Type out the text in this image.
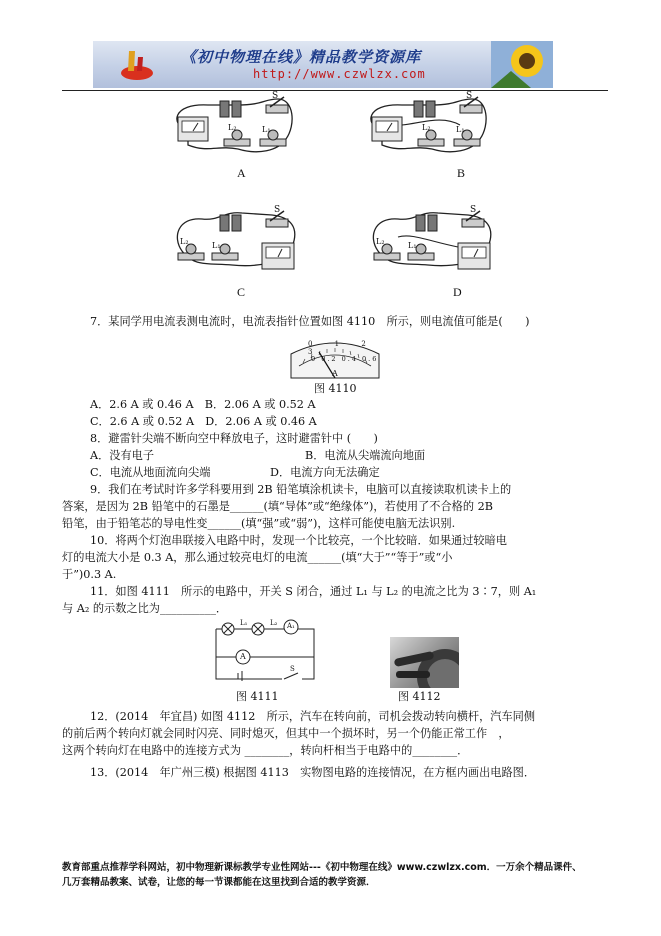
《初中物理在线》精品教学资源库
http://www.czwlzx.com
S
L₂	L₁
A
S
L₂	L₁
B
S
L₂	L₁
C
S
L₂	L₁
D
7．某同学用电流表测电流时，电流表指针位置如图 4110　所示，则电流值可能是(　　)
0 1 2 3
0 0.2 0.4 0.6
A
图 4110
A．2.6 A 或 0.46 A　B．2.06 A 或 0.52 A
C．2.6 A 或 0.52 A　D．2.06 A 或 0.46 A
8．避雷针尖端不断向空中释放电子，这时避雷针中 (　　)
A．没有电子	B．电流从尖端流向地面
C．电流从地面流向尖端	D．电流方向无法确定
9．我们在考试时许多学科要用到 2B 铅笔填涂机读卡，电脑可以直接读取机读卡上的
答案，是因为 2B 铅笔中的石墨是______(填“导体”或“绝缘体”)，若使用了不合格的 2B
铅笔，由于铅笔芯的导电性变______(填“强”或“弱”)，这样可能使电脑无法识别.
10．将两个灯泡串联接入电路中时，发现一个比较亮，一个比较暗．如果通过较暗电
灯的电流大小是 0.3 A，那么通过较亮电灯的电流______(填“大于”“等于”或“小
于”)0.3 A.
11．如图 4111　所示的电路中，开关 S 闭合，通过 L₁ 与 L₂ 的电流之比为 3∶7，则 A₁
与 A₂ 的示数之比为__________．
A₁
A
L₁	L₂
S
图 4111	图 4112
12．(2014　年宜昌) 如图 4112　所示，汽车在转向前，司机会拨动转向横杆，汽车同侧
的前后两个转向灯就会同时闪亮、同时熄灭，但其中一个损坏时，另一个仍能正常工作　，
这两个转向灯在电路中的连接方式为 ________，转向杆相当于电路中的________．
13．(2014　年广州三模) 根据图 4113　实物图电路的连接情况，在方框内画出电路图．
教育部重点推荐学科网站，初中物理新课标教学专业性网站---《初中物理在线》www.czwlzx.com．一万余个精品课件、
几万套精品教案、试卷，让您的每一节课都能在这里找到合适的教学资源．
